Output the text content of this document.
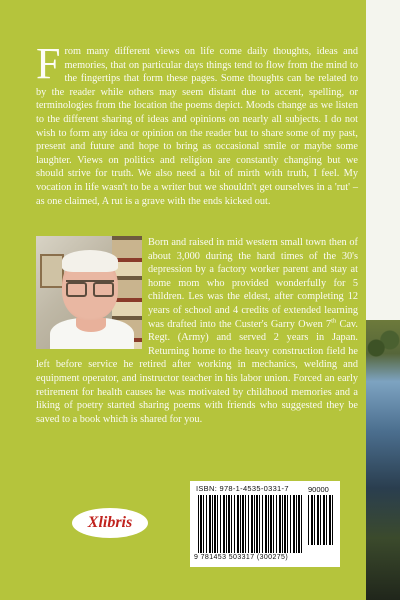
From many different views on life come daily thoughts, ideas and memories, that on particular days things tend to flow from the mind to the fingertips that form these pages. Some thoughts can be related to by the reader while others may seem distant due to accent, spelling, or terminologies from the location the poems depict. Moods change as we listen to the different sharing of ideas and opinions on nearly all subjects. I do not wish to form any idea or opinion on the reader but to share some of my past, present and future and hope to bring as occasional smile or maybe some laughter. Views on politics and religion are constantly changing but we should strive for truth. We also need a bit of mirth with truth, I feel. My vocation in life wasn't to be a writer but we shouldn't get ourselves in a 'rut' – as one claimed, A rut is a grave with the ends kicked out.

Born and raised in mid western small town then of about 3,000 during the hard times of the 30's depression by a factory worker parent and stay at home mom who provided wonderfully for 5 children. Les was the eldest, after completing 12 years of school and 4 credits of extended learning was drafted into the Custer's Garry Owen 7th Cav. Regt. (Army) and served 2 years in Japan. Returning home to the heavy construction field he left before service he retired after working in mechanics, welding and equipment operator, and instructor teacher in his labor union. Forced an early retirement for health causes he was motivated by childhood memories and a liking of poetry started sharing poems with friends who suggested they be saved to a book which is shared for you.

Xlibris
ISBN: 978-1-4535-0331-7	90000
9 781453 503317 (300275)
